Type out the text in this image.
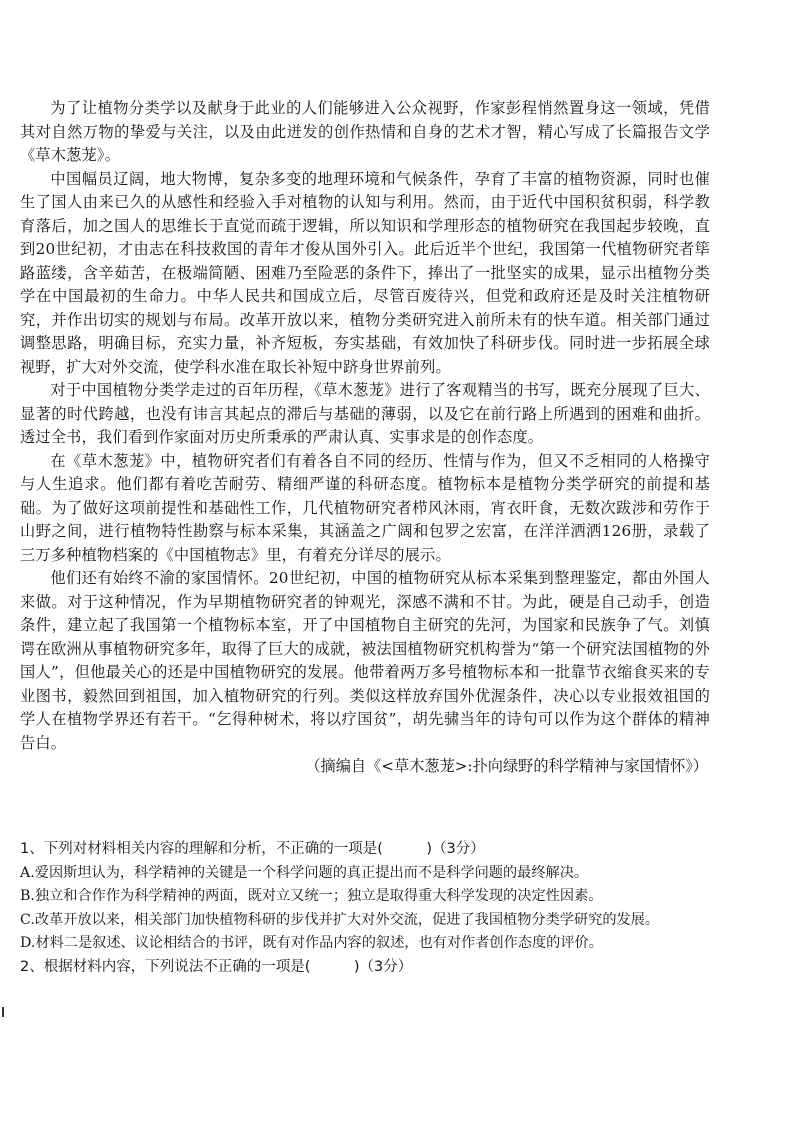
为了让植物分类学以及献身于此业的人们能够进入公众视野，作家彭程悄然置身这一领域，凭借其对自然万物的挚爱与关注，以及由此迸发的创作热情和自身的艺术才智，精心写成了长篇报告文学《草木葱茏》。

中国幅员辽阔，地大物博，复杂多变的地理环境和气候条件，孕育了丰富的植物资源，同时也催生了国人由来已久的从感性和经验入手对植物的认知与利用。然而，由于近代中国积贫积弱，科学教育落后，加之国人的思维长于直觉而疏于逻辑，所以知识和学理形态的植物研究在我国起步较晚，直到20世纪初，才由志在科技救国的青年才俊从国外引入。此后近半个世纪，我国第一代植物研究者筚路蓝缕，含辛茹苦，在极端简陋、困难乃至险恶的条件下，捧出了一批坚实的成果，显示出植物分类学在中国最初的生命力。中华人民共和国成立后，尽管百废待兴，但党和政府还是及时关注植物研究，并作出切实的规划与布局。改革开放以来，植物分类研究进入前所未有的快车道。相关部门通过调整思路，明确目标，充实力量，补齐短板，夯实基础，有效加快了科研步伐。同时进一步拓展全球视野，扩大对外交流，使学科水准在取长补短中跻身世界前列。

对于中国植物分类学走过的百年历程，《草木葱茏》进行了客观精当的书写，既充分展现了巨大、显著的时代跨越，也没有讳言其起点的滞后与基础的薄弱，以及它在前行路上所遇到的困难和曲折。透过全书，我们看到作家面对历史所秉承的严肃认真、实事求是的创作态度。

在《草木葱茏》中，植物研究者们有着各自不同的经历、性情与作为，但又不乏相同的人格操守与人生追求。他们都有着吃苦耐劳、精细严谨的科研态度。植物标本是植物分类学研究的前提和基础。为了做好这项前提性和基础性工作，几代植物研究者栉风沐雨，宵衣旰食，无数次跋涉和劳作于山野之间，进行植物特性勘察与标本采集，其涵盖之广阔和包罗之宏富，在洋洋洒洒126册，录载了三万多种植物档案的《中国植物志》里，有着充分详尽的展示。

他们还有始终不渝的家国情怀。20世纪初，中国的植物研究从标本采集到整理鉴定，都由外国人来做。对于这种情况，作为早期植物研究者的钟观光，深感不满和不甘。为此，硬是自己动手，创造条件，建立起了我国第一个植物标本室，开了中国植物自主研究的先河，为国家和民族争了气。刘慎谔在欧洲从事植物研究多年，取得了巨大的成就，被法国植物研究机构誉为“第一个研究法国植物的外国人”，但他最关心的还是中国植物研究的发展。他带着两万多号植物标本和一批靠节衣缩食买来的专业图书，毅然回到祖国，加入植物研究的行列。类似这样放弃国外优渥条件，决心以专业报效祖国的学人在植物学界还有若干。“乞得种树术，将以疗国贫”，胡先骕当年的诗句可以作为这个群体的精神告白。

（摘编自《<草木葱茏>:扑向绿野的科学精神与家国情怀》）

1、下列对材料相关内容的理解和分析，不正确的一项是(　　　)（3分）

A.爱因斯坦认为，科学精神的关键是一个科学问题的真正提出而不是科学问题的最终解决。

B.独立和合作作为科学精神的两面，既对立又统一；独立是取得重大科学发现的决定性因素。

C.改革开放以来，相关部门加快植物科研的步伐并扩大对外交流，促进了我国植物分类学研究的发展。

D.材料二是叙述、议论相结合的书评，既有对作品内容的叙述，也有对作者创作态度的评价。

2、根据材料内容，下列说法不正确的一项是(　　　)（3分）
